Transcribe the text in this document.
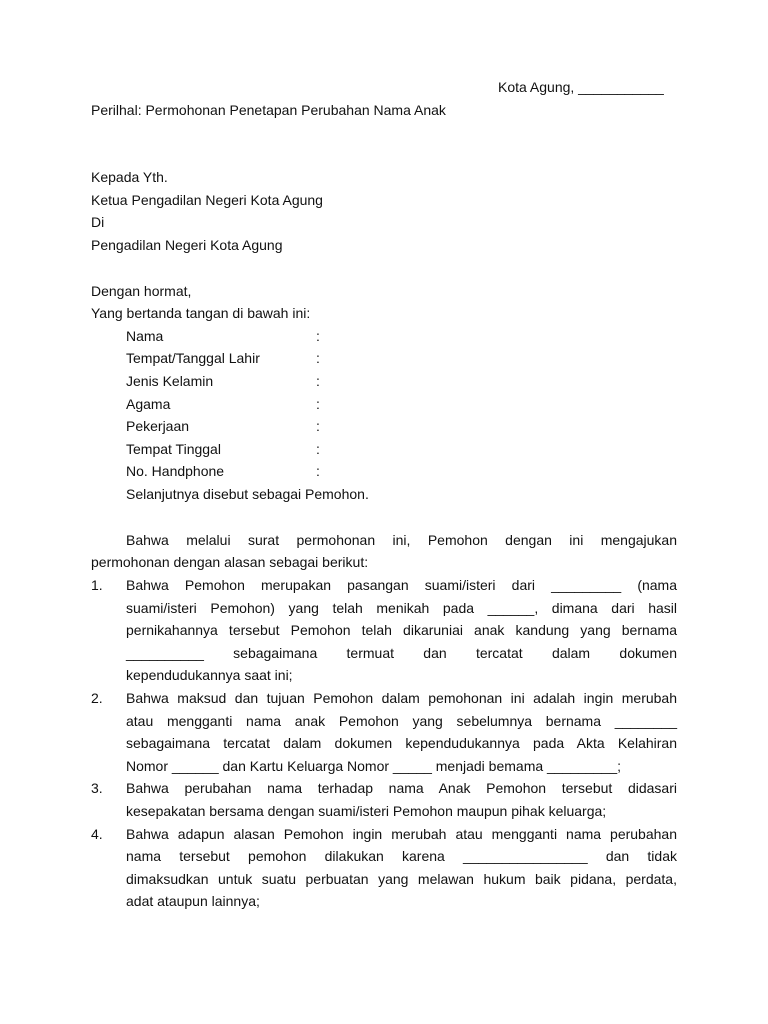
Kota Agung, ___________
Perilhal: Permohonan Penetapan Perubahan Nama Anak
Kepada Yth.
Ketua Pengadilan Negeri Kota Agung
Di
Pengadilan Negeri Kota Agung
Dengan hormat,
Yang bertanda tangan di bawah ini:
Nama	:
Tempat/Tanggal Lahir	:
Jenis Kelamin	:
Agama	:
Pekerjaan	:
Tempat Tinggal	:
No. Handphone	:
Selanjutnya disebut sebagai Pemohon.
Bahwa melalui surat permohonan ini, Pemohon dengan ini mengajukan
permohonan dengan alasan sebagai berikut:
1. Bahwa Pemohon merupakan pasangan suami/isteri dari _________ (nama
suami/isteri Pemohon) yang telah menikah pada ______, dimana dari hasil
pernikahannya tersebut Pemohon telah dikaruniai anak kandung yang bernama
__________ sebagaimana termuat dan tercatat dalam dokumen
kependudukannya saat ini;
2. Bahwa maksud dan tujuan Pemohon dalam pemohonan ini adalah ingin merubah
atau mengganti nama anak Pemohon yang sebelumnya bernama ________
sebagaimana tercatat dalam dokumen kependudukannya pada Akta Kelahiran
Nomor ______ dan Kartu Keluarga Nomor _____ menjadi bemama _________;
3. Bahwa perubahan nama terhadap nama Anak Pemohon tersebut didasari
kesepakatan bersama dengan suami/isteri Pemohon maupun pihak keluarga;
4. Bahwa adapun alasan Pemohon ingin merubah atau mengganti nama perubahan
nama tersebut pemohon dilakukan karena ________________ dan tidak
dimaksudkan untuk suatu perbuatan yang melawan hukum baik pidana, perdata,
adat ataupun lainnya;
